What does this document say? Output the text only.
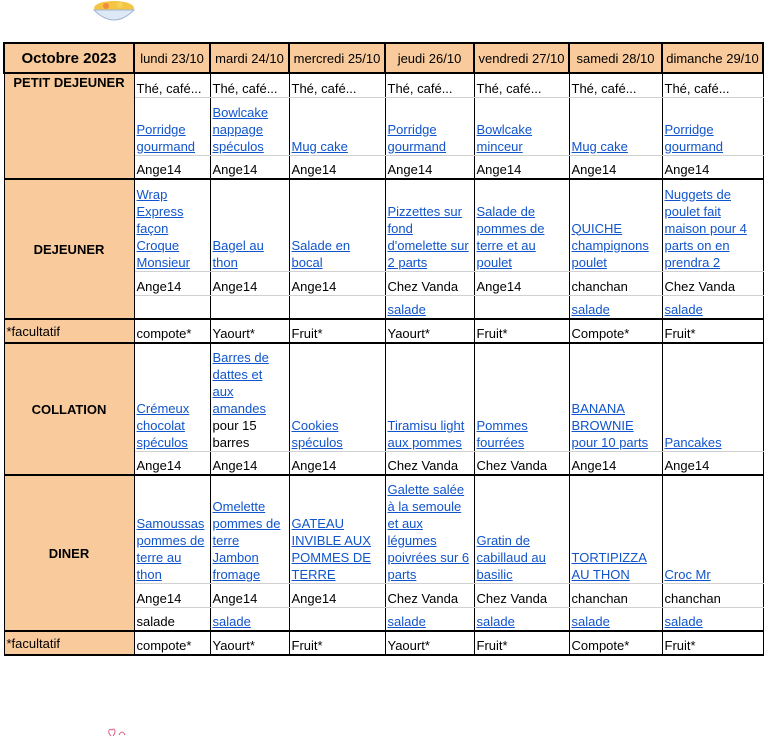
Octobre 2023	lundi 23/10	mardi 24/10	mercredi 25/10	jeudi 26/10	vendredi 27/10	samedi 28/10	dimanche 29/10
PETIT DEJEUNER	Thé, café...	Thé, café...	Thé, café...	Thé, café...	Thé, café...	Thé, café...	Thé, café...
	Porridge gourmand	Bowlcake nappage spéculos	Mug cake	Porridge gourmand	Bowlcake minceur	Mug cake	Porridge gourmand
	Ange14	Ange14	Ange14	Ange14	Ange14	Ange14	Ange14
DEJEUNER	Wrap Express façon Croque Monsieur	Bagel au thon	Salade en bocal	Pizzettes sur fond d'omelette sur 2 parts	Salade de pommes de terre et au poulet	QUICHE champignons poulet	Nuggets de poulet fait maison pour 4 parts on en prendra 2
	Ange14	Ange14	Ange14	Chez Vanda	Ange14	chanchan	Chez Vanda
				salade		salade	salade
*facultatif	compote*	Yaourt*	Fruit*	Yaourt*	Fruit*	Compote*	Fruit*
COLLATION	Crémeux chocolat spéculos	Barres de dattes et aux amandes pour 15 barres	Cookies spéculos	Tiramisu light aux pommes	Pommes fourrées	BANANA BROWNIE pour 10 parts	Pancakes
	Ange14	Ange14	Ange14	Chez Vanda	Chez Vanda	Ange14	Ange14
DINER	Samoussas pommes de terre au thon	Omelette pommes de terre Jambon fromage	GATEAU INVIBLE AUX POMMES DE TERRE	Galette salée à la semoule et aux légumes poivrées sur 6 parts	Gratin de cabillaud au basilic	TORTIPIZZA AU THON	Croc Mr
	Ange14	Ange14	Ange14	Chez Vanda	Chez Vanda	chanchan	chanchan
	salade	salade		salade	salade	salade	salade
*facultatif	compote*	Yaourt*	Fruit*	Yaourt*	Fruit*	Compote*	Fruit*
